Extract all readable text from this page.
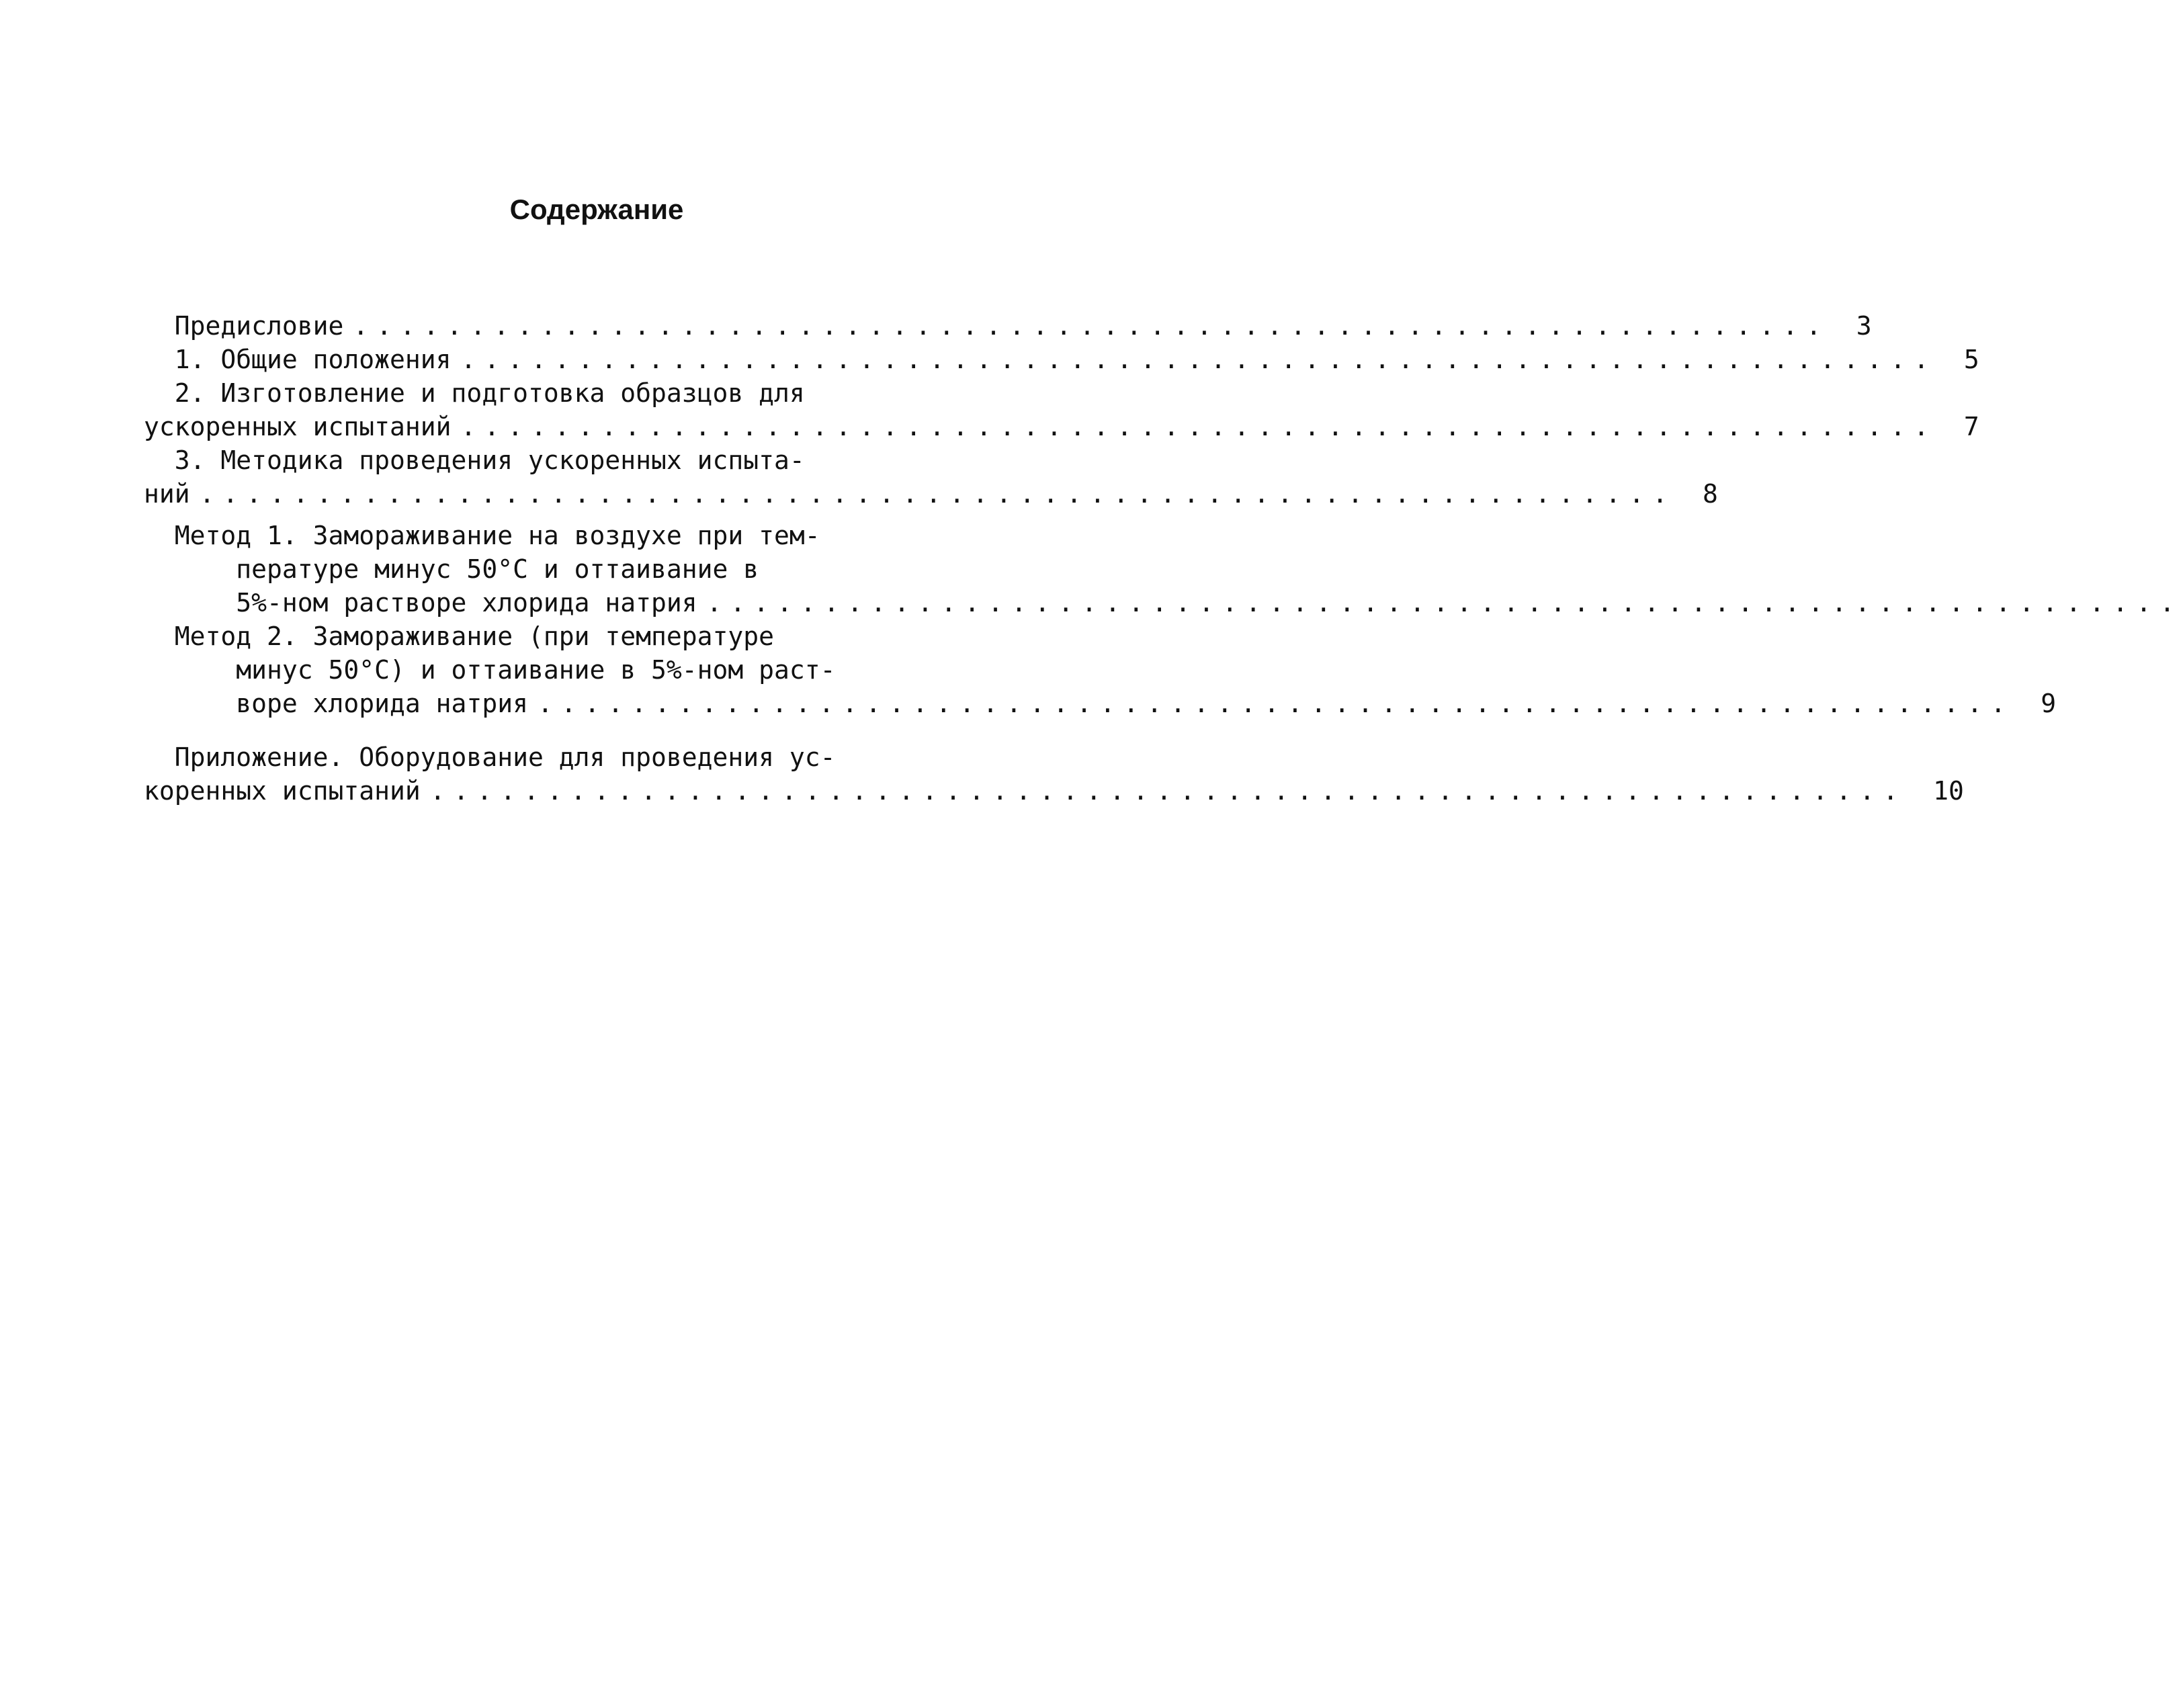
Содержание
Предисловие ............................................................... 3
1. Общие положения ............................................................... 5
2. Изготовление и подготовка образцов для
ускоренных испытаний ............................................................... 7
3. Методика проведения ускоренных испыта-
ний ............................................................... 8
Метод 1. Замораживание на воздухе при тем-
пературе минус 50°С и оттаивание в
5%-ном растворе хлорида натрия ...............................................................
Метод 2. Замораживание (при температуре
минус 50°С) и оттаивание в 5%-ном раст-
воре хлорида натрия ............................................................... 9
Приложение. Оборудование для проведения ус-
коренных испытаний ............................................................... 10
